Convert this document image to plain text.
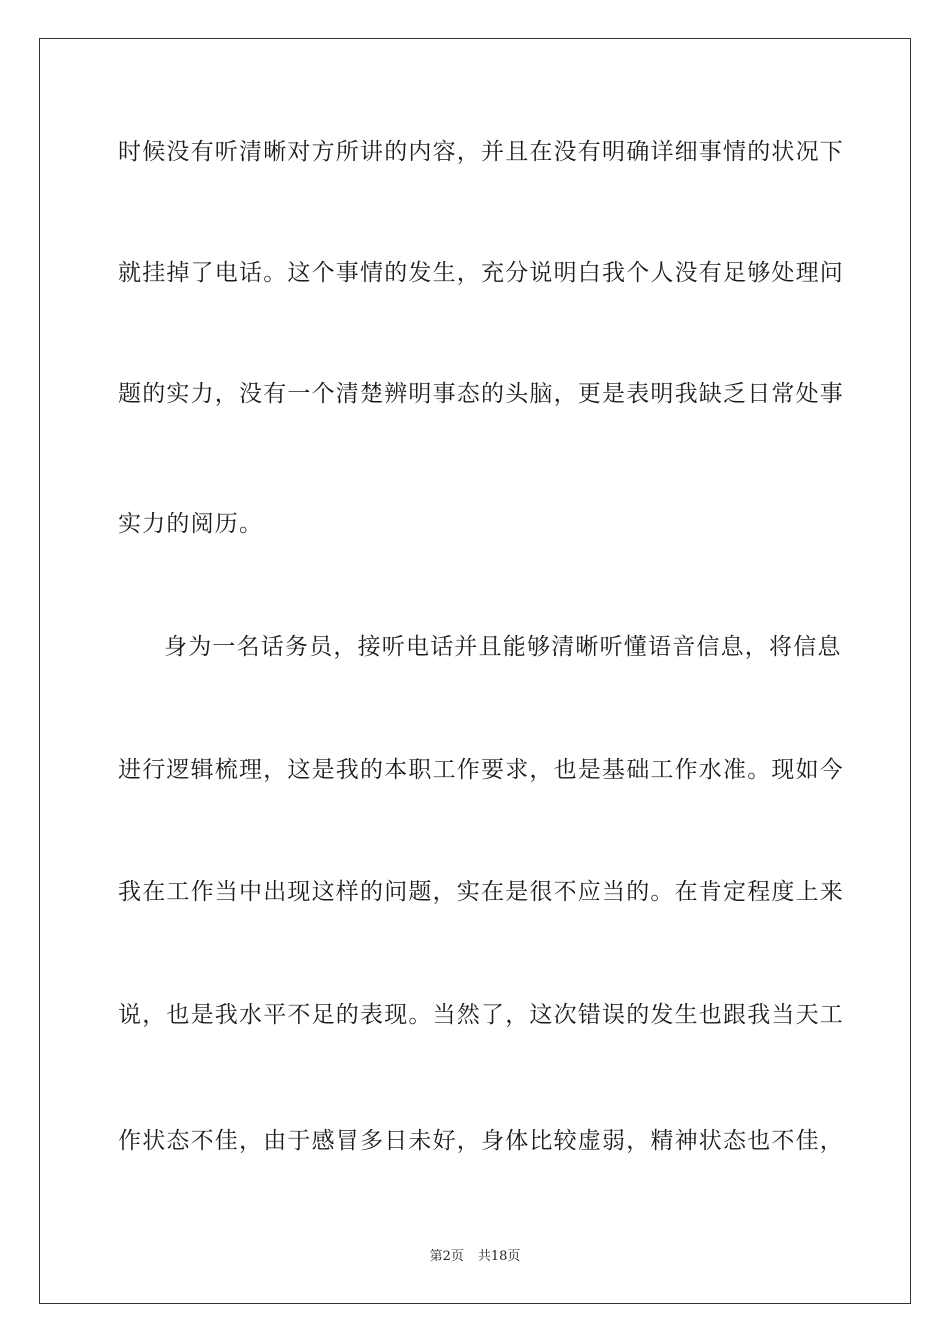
时候没有听清晰对方所讲的内容，并且在没有明确详细事情的状况下
就挂掉了电话。这个事情的发生，充分说明白我个人没有足够处理问
题的实力，没有一个清楚辨明事态的头脑，更是表明我缺乏日常处事
实力的阅历。
身为一名话务员，接听电话并且能够清晰听懂语音信息，将信息
进行逻辑梳理，这是我的本职工作要求，也是基础工作水准。现如今
我在工作当中出现这样的问题，实在是很不应当的。在肯定程度上来
说，也是我水平不足的表现。当然了，这次错误的发生也跟我当天工
作状态不佳，由于感冒多日未好，身体比较虚弱，精神状态也不佳，
第2页 共18页
